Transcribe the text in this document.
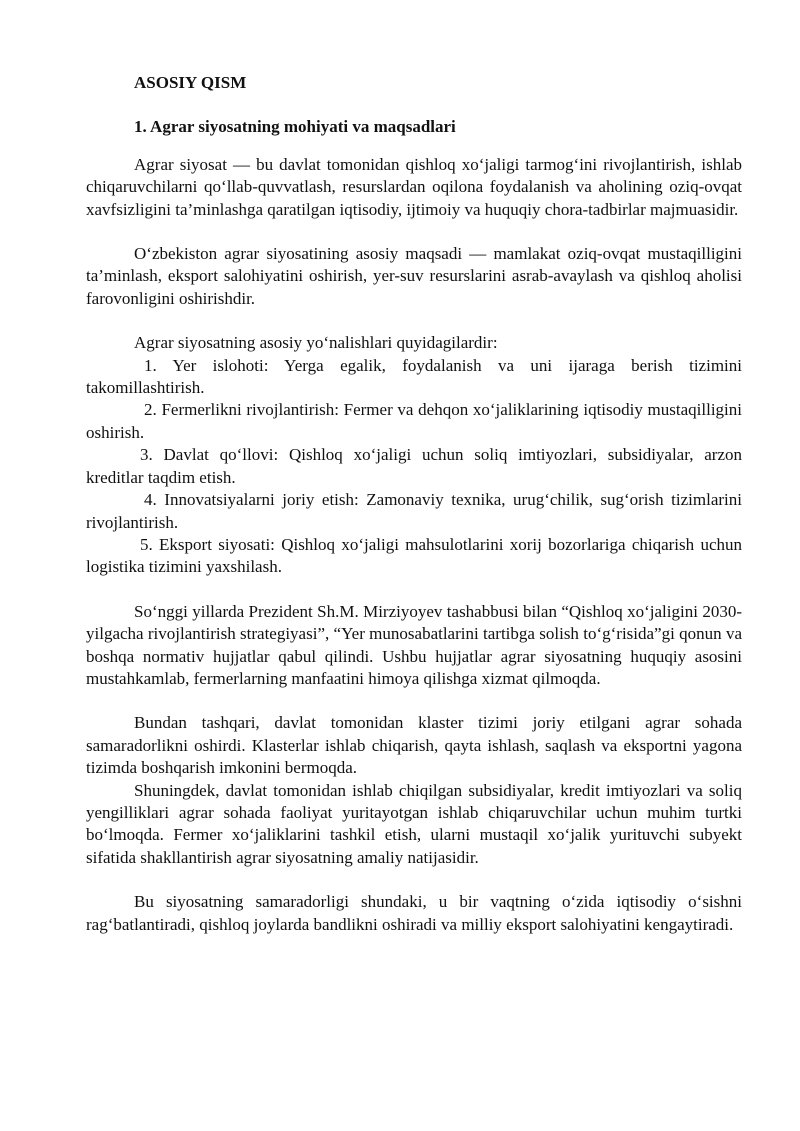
ASOSIY QISM
1. Agrar siyosatning mohiyati va maqsadlari

Agrar siyosat — bu davlat tomonidan qishloq xo‘jaligi tarmog‘ini rivojlantirish, ishlab chiqaruvchilarni qo‘llab-quvvatlash, resurslardan oqilona foydalanish va aholining oziq-ovqat xavfsizligini ta’minlashga qaratilgan iqtisodiy, ijtimoiy va huquqiy chora-tadbirlar majmuasidir.

O‘zbekiston agrar siyosatining asosiy maqsadi — mamlakat oziq-ovqat mustaqilligini ta’minlash, eksport salohiyatini oshirish, yer-suv resurslarini asrab-avaylash va qishloq aholisi farovonligini oshirishdir.

Agrar siyosatning asosiy yo‘nalishlari quyidagilardir:

1. Yer islohoti: Yerga egalik, foydalanish va uni ijaraga berish tizimini takomillashtirish.

2. Fermerlikni rivojlantirish: Fermer va dehqon xo‘jaliklarining iqtisodiy mustaqilligini oshirish.

3. Davlat qo‘llovi: Qishloq xo‘jaligi uchun soliq imtiyozlari, subsidiyalar, arzon kreditlar taqdim etish.

4. Innovatsiyalarni joriy etish: Zamonaviy texnika, urug‘chilik, sug‘orish tizimlarini rivojlantirish.

5. Eksport siyosati: Qishloq xo‘jaligi mahsulotlarini xorij bozorlariga chiqarish uchun logistika tizimini yaxshilash.

So‘nggi yillarda Prezident Sh.M. Mirziyoyev tashabbusi bilan “Qishloq xo‘jaligini 2030-yilgacha rivojlantirish strategiyasi”, “Yer munosabatlarini tartibga solish to‘g‘risida”gi qonun va boshqa normativ hujjatlar qabul qilindi. Ushbu hujjatlar agrar siyosatning huquqiy asosini mustahkamlab, fermerlarning manfaatini himoya qilishga xizmat qilmoqda.

Bundan tashqari, davlat tomonidan klaster tizimi joriy etilgani agrar sohada samaradorlikni oshirdi. Klasterlar ishlab chiqarish, qayta ishlash, saqlash va eksportni yagona tizimda boshqarish imkonini bermoqda.

Shuningdek, davlat tomonidan ishlab chiqilgan subsidiyalar, kredit imtiyozlari va soliq yengilliklari agrar sohada faoliyat yuritayotgan ishlab chiqaruvchilar uchun muhim turtki bo‘lmoqda. Fermer xo‘jaliklarini tashkil etish, ularni mustaqil xo‘jalik yurituvchi subyekt sifatida shakllantirish agrar siyosatning amaliy natijasidir.

Bu siyosatning samaradorligi shundaki, u bir vaqtning o‘zida iqtisodiy o‘sishni rag‘batlantiradi, qishloq joylarda bandlikni oshiradi va milliy eksport salohiyatini kengaytiradi.
